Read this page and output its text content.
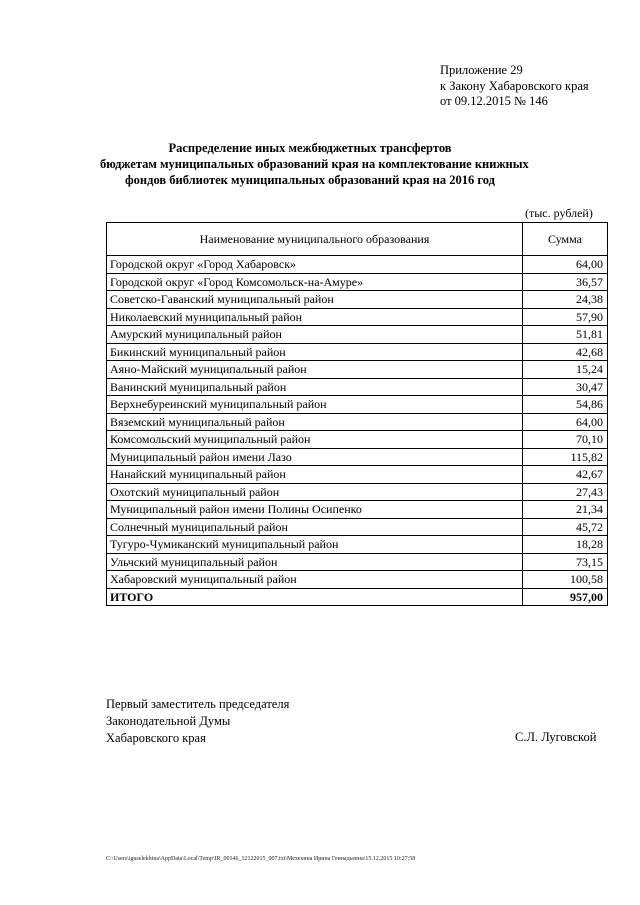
Приложение 29
к Закону Хабаровского края
от 09.12.2015 № 146
Распределение иных межбюджетных трансфертов
бюджетам муниципальных образований края на комплектование книжных
фондов библиотек муниципальных образований края на 2016 год
(тыс. рублей)
Наименование муниципального образования	Сумма
Городской округ «Город Хабаровск»	64,00
Городской округ «Город Комсомольск-на-Амуре»	36,57
Советско-Гаванский муниципальный район	24,38
Николаевский муниципальный район	57,90
Амурский муниципальный район	51,81
Бикинский муниципальный район	42,68
Аяно-Майский муниципальный район	15,24
Ванинский муниципальный район	30,47
Верхнебуреинский муниципальный район	54,86
Вяземский муниципальный район	64,00
Комсомольский муниципальный район	70,10
Муниципальный район имени Лазо	115,82
Нанайский муниципальный район	42,67
Охотский муниципальный район	27,43
Муниципальный район имени Полины Осипенко	21,34
Солнечный муниципальный район	45,72
Тугуро-Чумиканский муниципальный район	18,28
Ульчский муниципальный район	73,15
Хабаровский муниципальный район	100,58
ИТОГО	957,00
Первый заместитель председателя
Законодательной Думы
Хабаровского края	С.Л. Луговской
C:\Users\iguselekhina\AppData\Local\Temp\IR_00146_12122015_007.txt\Мехехина Ирина Геннадьевна\15.12.2015 10:27:58
